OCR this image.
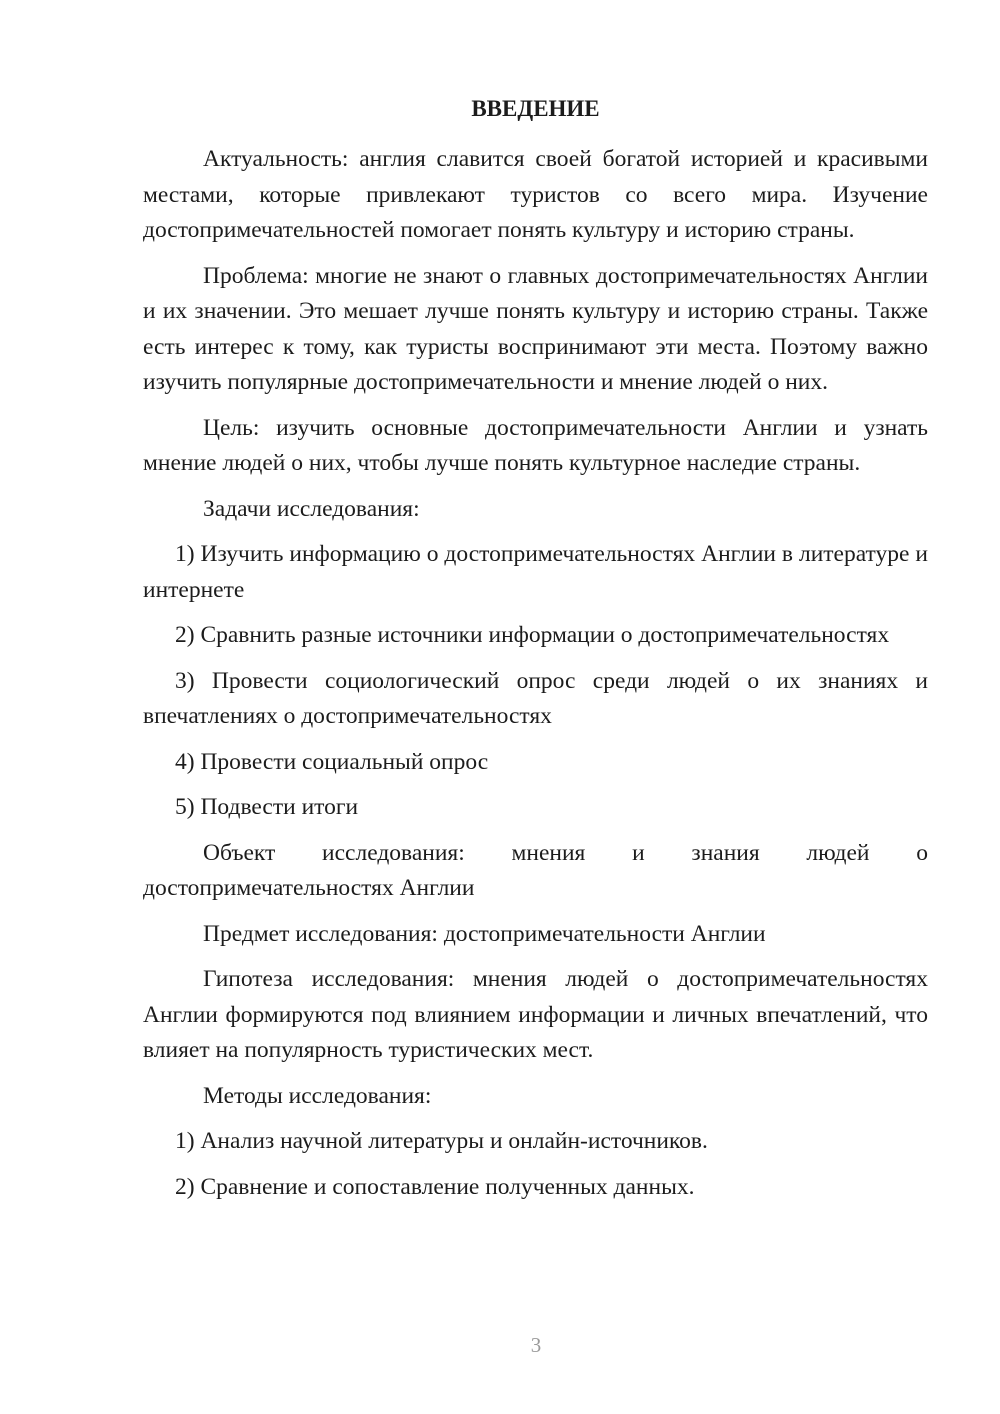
ВВЕДЕНИЕ

Актуальность: англия славится своей богатой историей и красивыми местами, которые привлекают туристов со всего мира. Изучение достопримечательностей помогает понять культуру и историю страны.

Проблема: многие не знают о главных достопримечательностях Англии и их значении. Это мешает лучше понять культуру и историю страны. Также есть интерес к тому, как туристы воспринимают эти места. Поэтому важно изучить популярные достопримечательности и мнение людей о них.

Цель: изучить основные достопримечательности Англии и узнать мнение людей о них, чтобы лучше понять культурное наследие страны.

Задачи исследования:

1) Изучить информацию о достопримечательностях Англии в литературе и интернете

2) Сравнить разные источники информации о достопримечательностях

3) Провести социологический опрос среди людей о их знаниях и впечатлениях о достопримечательностях

4) Провести социальный опрос

5) Подвести итоги

Объект исследования: мнения и знания людей о достопримечательностях Англии

Предмет исследования: достопримечательности Англии

Гипотеза исследования: мнения людей о достопримечательностях Англии формируются под влиянием информации и личных впечатлений, что влияет на популярность туристических мест.

Методы исследования:

1) Анализ научной литературы и онлайн-источников.

2) Сравнение и сопоставление полученных данных.

3
